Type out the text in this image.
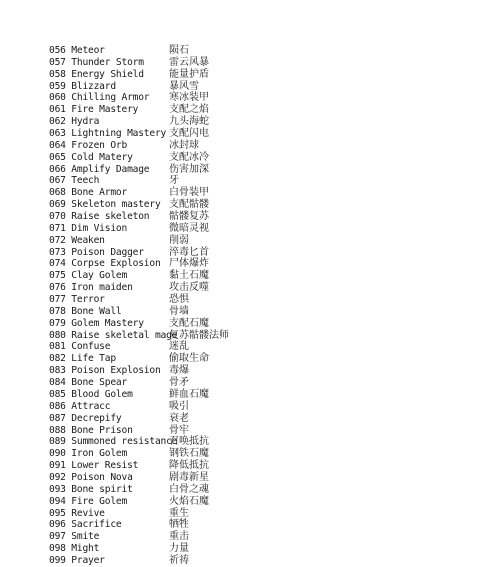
056 Meteor	陨石
057 Thunder Storm	雷云风暴
058 Energy Shield	能量护盾
059 Blizzard	暴风雪
060 Chilling Armor 寒冰装甲
061 Fire Mastery	支配之焰
062 Hydra	九头海蛇
063 Lightning Mastery 支配闪电
064 Frozen Orb	冰封球
065 Cold Matery	支配冰冷
066 Amplify Damage 伤害加深
067 Teech	牙
068 Bone Armor	白骨装甲
069 Skeleton mastery 支配骷髅
070 Raise skeleton 骷髅复苏
071 Dim Vision	微暗灵视
072 Weaken	削弱
073 Poison Dagger	淬毒匕首
074 Corpse Explosion 尸体爆炸
075 Clay Golem	黏土石魔
076 Iron maiden	攻击反噬
077 Terror	恐惧
078 Bone Wall	骨墙
079 Golem Mastery	支配石魔
080 Raise skeletal mage复苏骷髅法师
081 Confuse	迷乱
082 Life Tap	偷取生命
083 Poison Explosion 毒爆
084 Bone Spear	骨矛
085 Blood Golem	鲜血石魔
086 Attracc	吸引
087 Decrepify	衰老
088 Bone Prison	骨牢
089 Summoned resistance召唤抵抗
090 Iron Golem	钢铁石魔
091 Lower Resist	降低抵抗
092 Poison Nova	剧毒新星
093 Bone spirit	白骨之魂
094 Fire Golem	火焰石魔
095 Revive	重生
096 Sacrifice	牺牲
097 Smite	重击
098 Might	力量
099 Prayer	祈祷
